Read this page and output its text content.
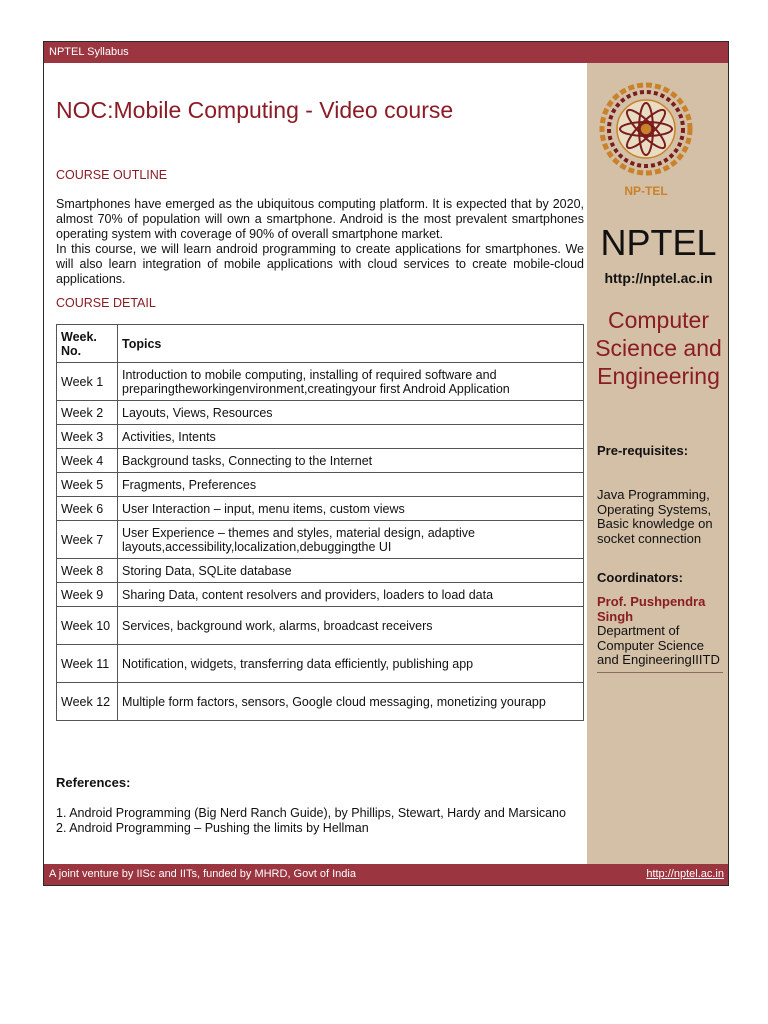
NPTEL Syllabus
NOC:Mobile Computing - Video course
COURSE OUTLINE

Smartphones have emerged as the ubiquitous computing platform. It is expected that by 2020, almost 70% of population will own a smartphone. Android is the most prevalent smartphones operating system with coverage of 90% of overall smartphone market.

In this course, we will learn android programming to create applications for smartphones. We will also learn integration of mobile applications with cloud services to create mobile-cloud applications.

COURSE DETAIL
Week. No.	Topics
Week 1	Introduction to mobile computing, installing of required software and preparingtheworkingenvironment,creatingyour first Android Application
Week 2	Layouts, Views, Resources
Week 3	Activities, Intents
Week 4	Background tasks, Connecting to the Internet
Week 5	Fragments, Preferences
Week 6	User Interaction – input, menu items, custom views
Week 7	User Experience – themes and styles, material design, adaptive layouts,accessibility,localization,debuggingthe UI
Week 8	Storing Data, SQLite database
Week 9	Sharing Data, content resolvers and providers, loaders to load data
Week 10	Services, background work, alarms, broadcast receivers
Week 11	Notification, widgets, transferring data efficiently, publishing app
Week 12	Multiple form factors, sensors, Google cloud messaging, monetizing yourapp
References:
1. Android Programming (Big Nerd Ranch Guide), by Phillips, Stewart, Hardy and Marsicano
2. Android Programming – Pushing the limits by Hellman
NP-TEL
NPTEL
http://nptel.ac.in
Computer
Science and
Engineering
Pre-requisites:
Java Programming, Operating Systems, Basic knowledge on socket connection
Coordinators:
Prof. Pushpendra Singh
Department of Computer Science and EngineeringIIITD
A joint venture by IISc and IITs, funded by MHRD, Govt of India	http://nptel.ac.in
